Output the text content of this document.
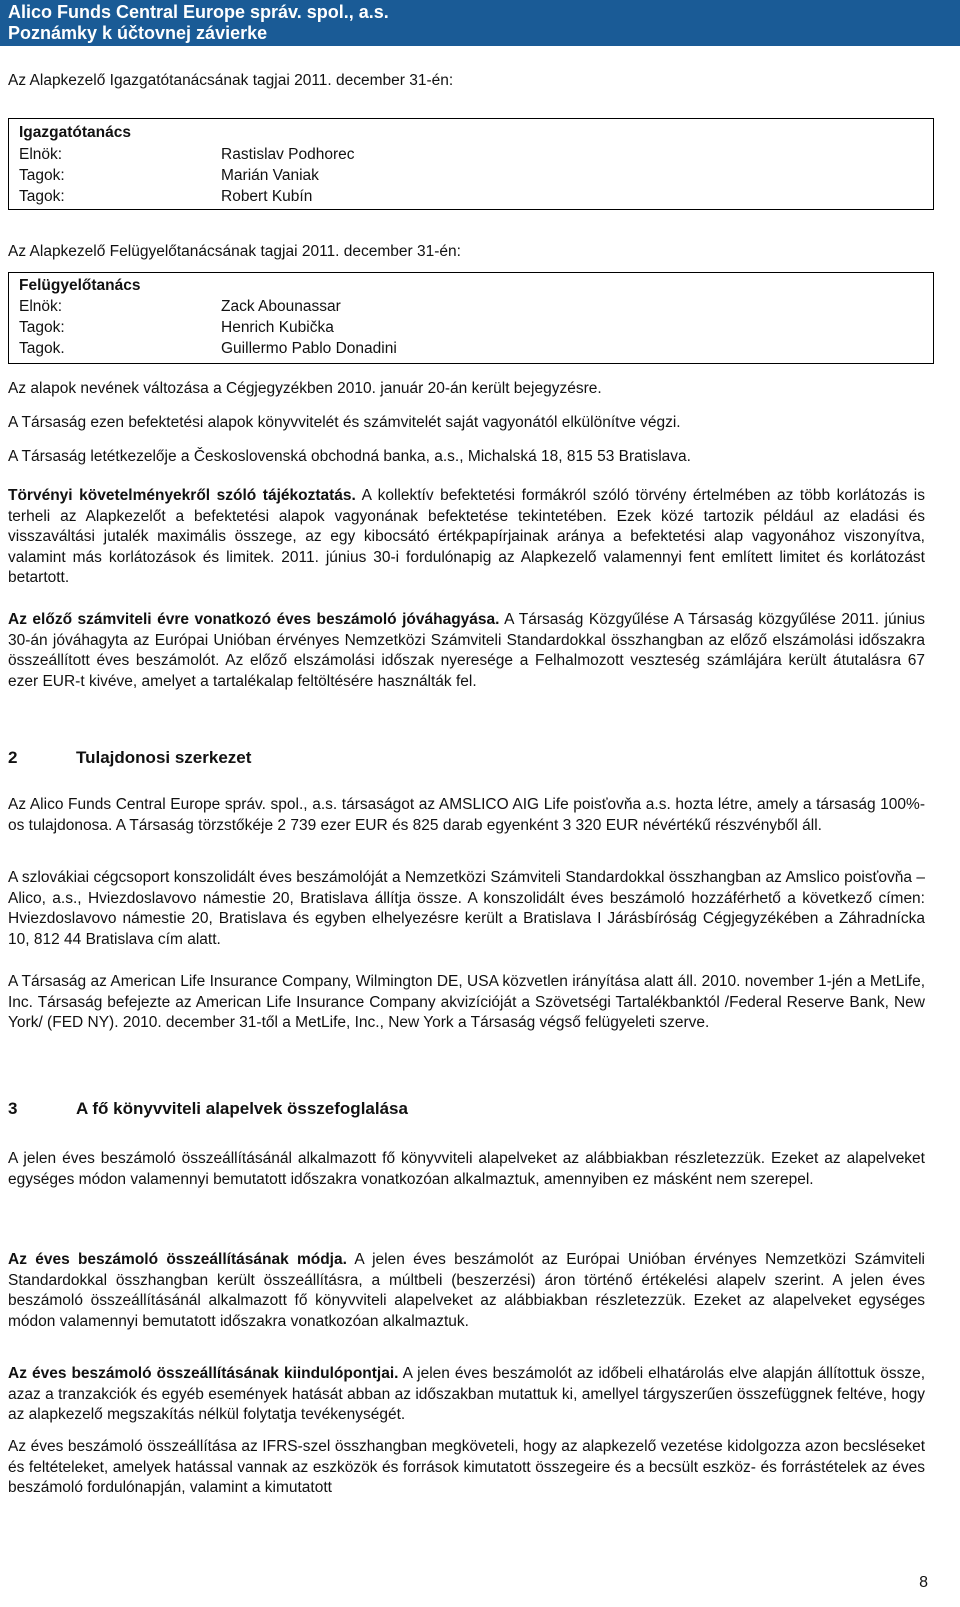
Alico Funds Central Europe správ. spol., a.s.
Poznámky k účtovnej závierke
Az Alapkezelő Igazgatótanácsának tagjai 2011. december 31-én:
Igazgatótanács
Elnök:	Rastislav Podhorec
Tagok:	Marián Vaniak
Tagok:	Robert Kubín
Az Alapkezelő Felügyelőtanácsának tagjai 2011. december 31-én:
Felügyelőtanács
Elnök:	Zack Abounassar
Tagok:	Henrich Kubička
Tagok.	Guillermo Pablo Donadini
Az alapok nevének változása a Cégjegyzékben 2010. január 20-án került bejegyzésre.
A Társaság ezen befektetési alapok könyvvitelét és számvitelét saját vagyonától elkülönítve végzi.
A Társaság letétkezelője a Československá obchodná banka, a.s., Michalská 18, 815 53 Bratislava.
Törvényi követelményekről szóló tájékoztatás. A kollektív befektetési formákról szóló törvény értelmében az több korlátozás is terheli az Alapkezelőt a befektetési alapok vagyonának befektetése tekintetében. Ezek közé tartozik például az eladási és visszaváltási jutalék maximális összege, az egy kibocsátó értékpapírjainak aránya a befektetési alap vagyonához viszonyítva, valamint más korlátozások és limitek. 2011. június 30-i fordulónapig az Alapkezelő valamennyi fent említett limitet és korlátozást betartott.
Az előző számviteli évre vonatkozó éves beszámoló jóváhagyása. A Társaság Közgyűlése A Társaság közgyűlése 2011. június 30-án jóváhagyta az Európai Unióban érvényes Nemzetközi Számviteli Standardokkal összhangban az előző elszámolási időszakra összeállított éves beszámolót. Az előző elszámolási időszak nyeresége a Felhalmozott veszteség számlájára került átutalásra 67 ezer EUR-t kivéve, amelyet a tartalékalap feltöltésére használták fel.
2	Tulajdonosi szerkezet
Az Alico Funds Central Europe správ. spol., a.s. társaságot az AMSLICO AIG Life poisťovňa a.s. hozta létre, amely a társaság 100%-os tulajdonosa. A Társaság törzstőkéje 2 739 ezer EUR és 825 darab egyenként 3 320 EUR névértékű részvényből áll.
A szlovákiai cégcsoport konszolidált éves beszámolóját a Nemzetközi Számviteli Standardokkal összhangban az Amslico poisťovňa – Alico, a.s., Hviezdoslavovo námestie 20, Bratislava állítja össze. A konszolidált éves beszámoló hozzáférhető a következő címen: Hviezdoslavovo námestie 20, Bratislava és egyben elhelyezésre került a Bratislava I Járásbíróság Cégjegyzékében a Záhradnícka 10, 812 44 Bratislava cím alatt.
A Társaság az American Life Insurance Company, Wilmington DE, USA közvetlen irányítása alatt áll. 2010. november 1-jén a MetLife, Inc. Társaság befejezte az American Life Insurance Company akvizícióját a Szövetségi Tartalékbanktól /Federal Reserve Bank, New York/ (FED NY). 2010. december 31-től a MetLife, Inc., New York a Társaság végső felügyeleti szerve.
3	A fő könyvviteli alapelvek összefoglalása
A jelen éves beszámoló összeállításánál alkalmazott fő könyvviteli alapelveket az alábbiakban részletezzük. Ezeket az alapelveket egységes módon valamennyi bemutatott időszakra vonatkozóan alkalmaztuk, amennyiben ez másként nem szerepel.
Az éves beszámoló összeállításának módja. A jelen éves beszámolót az Európai Unióban érvényes Nemzetközi Számviteli Standardokkal összhangban került összeállításra, a múltbeli (beszerzési) áron történő értékelési alapelv szerint. A jelen éves beszámoló összeállításánál alkalmazott fő könyvviteli alapelveket az alábbiakban részletezzük. Ezeket az alapelveket egységes módon valamennyi bemutatott időszakra vonatkozóan alkalmaztuk.
Az éves beszámoló összeállításának kiindulópontjai. A jelen éves beszámolót az időbeli elhatárolás elve alapján állítottuk össze, azaz a tranzakciók és egyéb események hatását abban az időszakban mutattuk ki, amellyel tárgyszerűen összefüggnek feltéve, hogy az alapkezelő megszakítás nélkül folytatja tevékenységét.
Az éves beszámoló összeállítása az IFRS-szel összhangban megköveteli, hogy az alapkezelő vezetése kidolgozza azon becsléseket és feltételeket, amelyek hatással vannak az eszközök és források kimutatott összegeire és a becsült eszköz- és forrástételek az éves beszámoló fordulónapján, valamint a kimutatott
8
